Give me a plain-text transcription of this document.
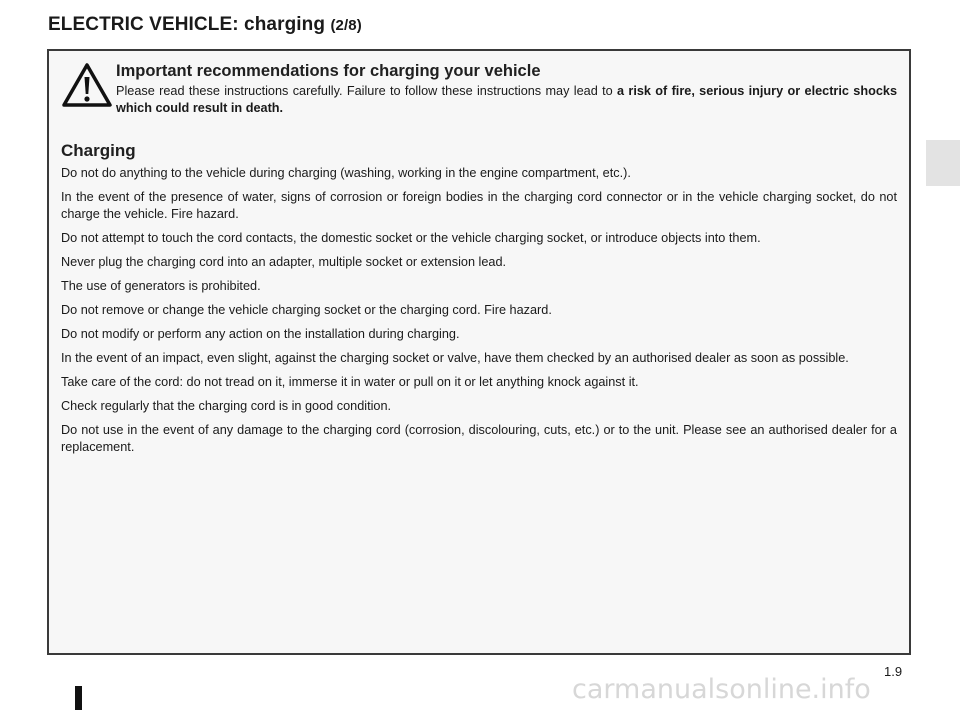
ELECTRIC VEHICLE: charging (2/8)
Important recommendations for charging your vehicle
Please read these instructions carefully. Failure to follow these instructions may lead to a risk of fire, serious injury or electric shocks which could result in death.
Charging

Do not do anything to the vehicle during charging (washing, working in the engine compartment, etc.).

In the event of the presence of water, signs of corrosion or foreign bodies in the charging cord connector or in the vehicle charging socket, do not charge the vehicle. Fire hazard.

Do not attempt to touch the cord contacts, the domestic socket or the vehicle charging socket, or introduce objects into them.

Never plug the charging cord into an adapter, multiple socket or extension lead.

The use of generators is prohibited.

Do not remove or change the vehicle charging socket or the charging cord. Fire hazard.

Do not modify or perform any action on the installation during charging.

In the event of an impact, even slight, against the charging socket or valve, have them checked by an authorised dealer as soon as possible.

Take care of the cord: do not tread on it, immerse it in water or pull on it or let anything knock against it.

Check regularly that the charging cord is in good condition.

Do not use in the event of any damage to the charging cord (corrosion, discolouring, cuts, etc.) or to the unit. Please see an authorised dealer for a replacement.

1.9
carmanualsonline.info
